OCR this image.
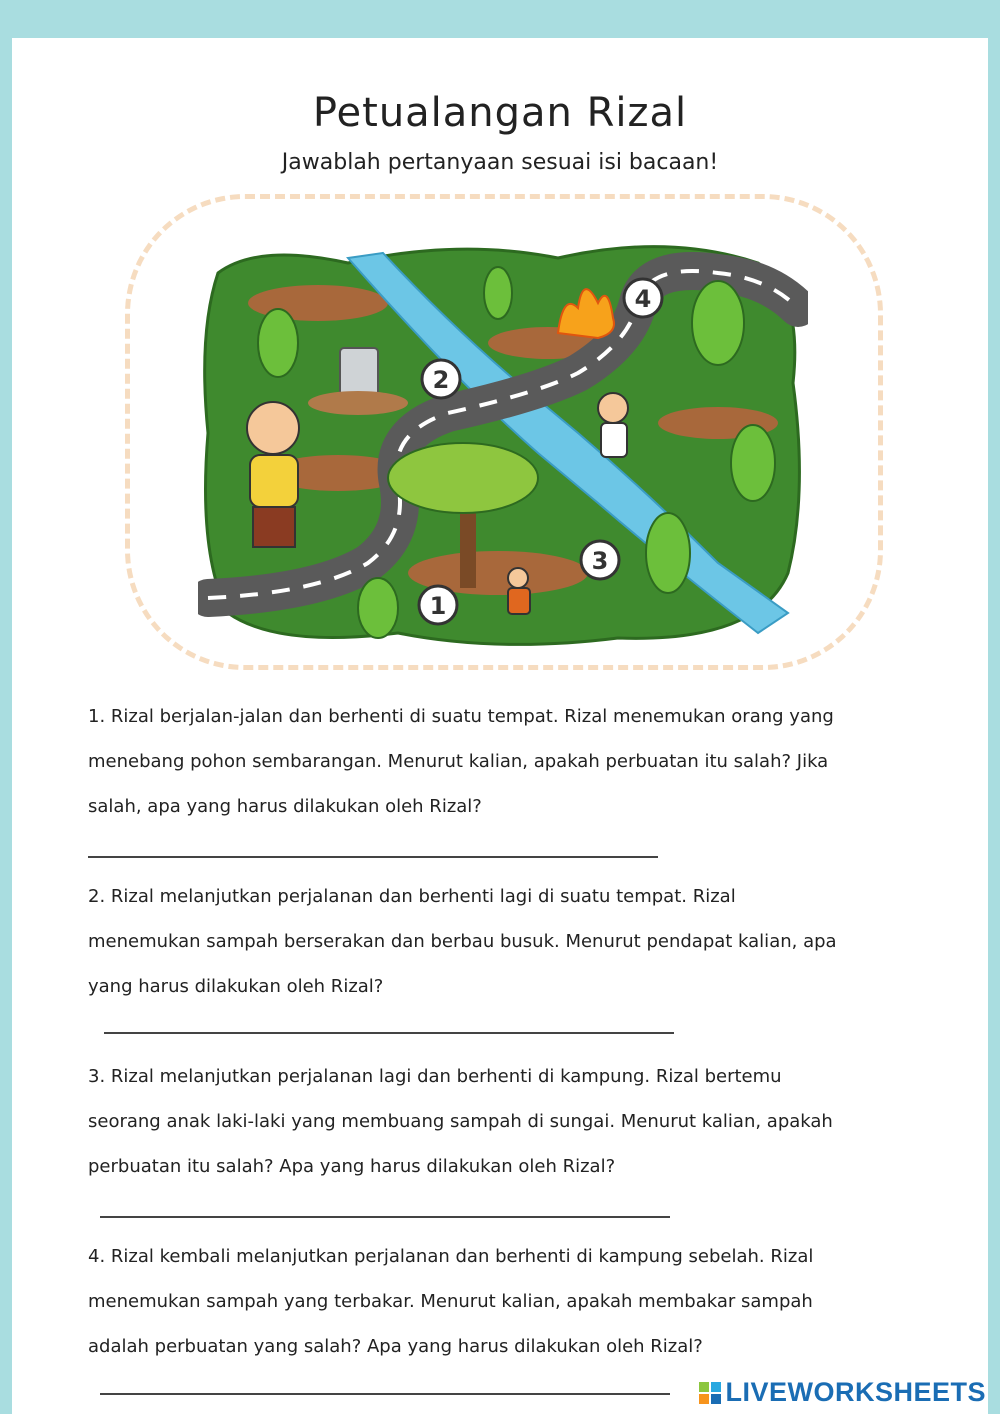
Petualangan Rizal
Jawablah pertanyaan sesuai isi bacaan!
1
2
3
4
1. Rizal berjalan-jalan dan berhenti di suatu tempat. Rizal menemukan orang yang
menebang pohon sembarangan. Menurut kalian, apakah perbuatan itu salah? Jika
salah, apa yang harus dilakukan oleh Rizal?
2. Rizal melanjutkan perjalanan dan berhenti lagi di suatu tempat. Rizal
menemukan sampah berserakan dan berbau busuk. Menurut pendapat kalian, apa
yang harus dilakukan oleh Rizal?
3. Rizal melanjutkan perjalanan lagi dan berhenti di kampung. Rizal bertemu
seorang anak laki-laki yang membuang sampah di sungai. Menurut kalian, apakah
perbuatan itu salah? Apa yang harus dilakukan oleh Rizal?
4. Rizal kembali melanjutkan perjalanan dan berhenti di kampung sebelah. Rizal
menemukan sampah yang terbakar. Menurut kalian, apakah membakar sampah
adalah perbuatan yang salah? Apa yang harus dilakukan oleh Rizal?
LIVEWORKSHEETS
